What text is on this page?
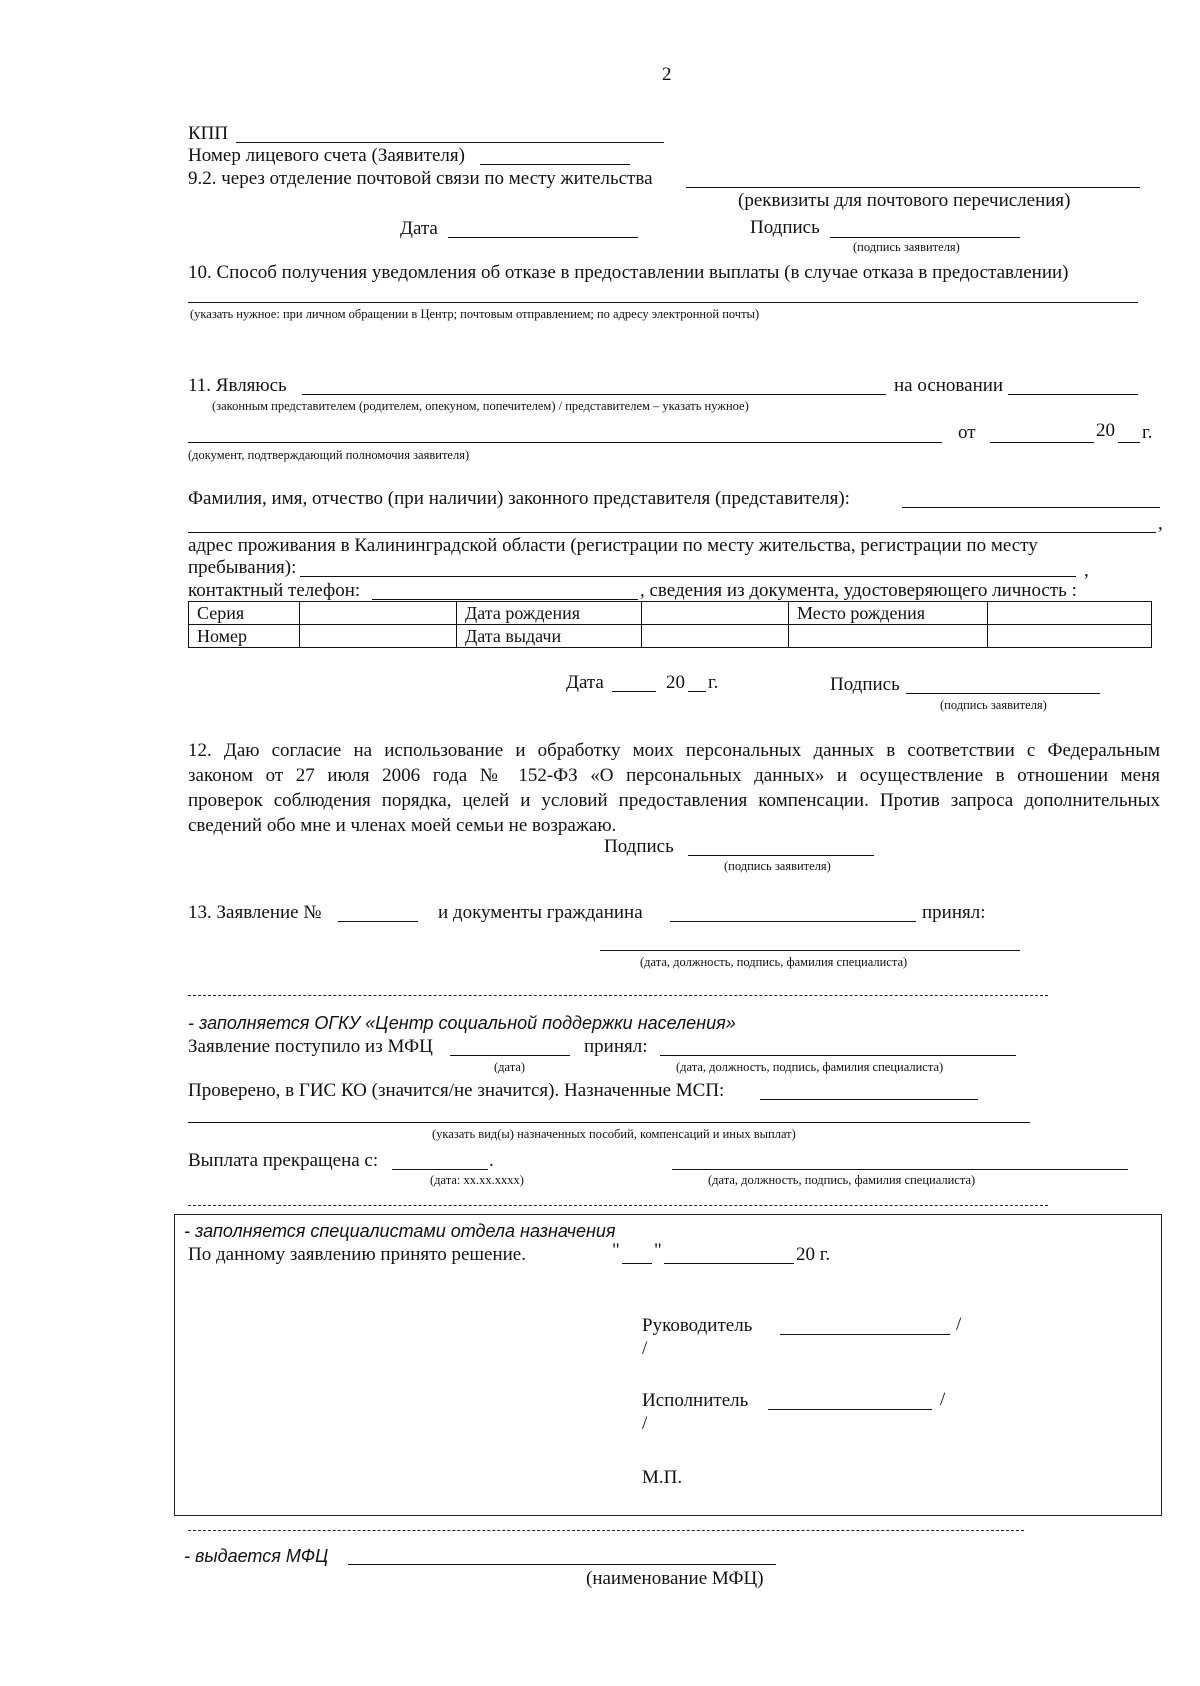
2
КПП
Номер лицевого счета (Заявителя)
9.2. через отделение почтовой связи по месту жительства
(реквизиты для почтового перечисления)
Дата	Подпись
(подпись заявителя)
10. Способ получения уведомления об отказе в предоставлении выплаты (в случае отказа в предоставлении)
(указать нужное: при личном обращении в Центр; почтовым отправлением; по адресу электронной почты)
11. Являюсь	на основании
(законным представителем (родителем, опекуном, попечителем) / представителем – указать нужное)
от	20 г.
(документ, подтверждающий полномочия заявителя)
Фамилия, имя, отчество (при наличии) законного представителя (представителя):
,
адрес проживания в Калининградской области (регистрации по месту жительства, регистрации по месту
пребывания):	,
контактный телефон:	, сведения из документа, удостоверяющего личность :
Серия		Дата рождения		Место рождения	
Номер		Дата выдачи			
Дата	20 г.	Подпись
(подпись заявителя)
12. Даю согласие на использование и обработку моих персональных данных в соответствии с Федеральным
законом от 27 июля 2006 года № 152-ФЗ «О персональных данных» и осуществление в отношении меня
проверок соблюдения порядка, целей и условий предоставления компенсации. Против запроса дополнительных
сведений обо мне и членах моей семьи не возражаю.
Подпись
(подпись заявителя)
13. Заявление №	и документы гражданина	принял:
(дата, должность, подпись, фамилия специалиста)
- заполняется ОГКУ «Центр социальной поддержки населения»
Заявление поступило из МФЦ	принял:
(дата)	(дата, должность, подпись, фамилия специалиста)
Проверено, в ГИС КО (значится/не значится). Назначенные МСП:
(указать вид(ы) назначенных пособий, компенсаций и иных выплат)
Выплата прекращена с:	.
(дата: xx.xx.xxxx)	(дата, должность, подпись, фамилия специалиста)
- заполняется специалистами отдела назначения
По данному заявлению принято решение.	" "	20 г.
Руководитель	/
/
Исполнитель	/
/
М.П.
- выдается МФЦ
(наименование МФЦ)
